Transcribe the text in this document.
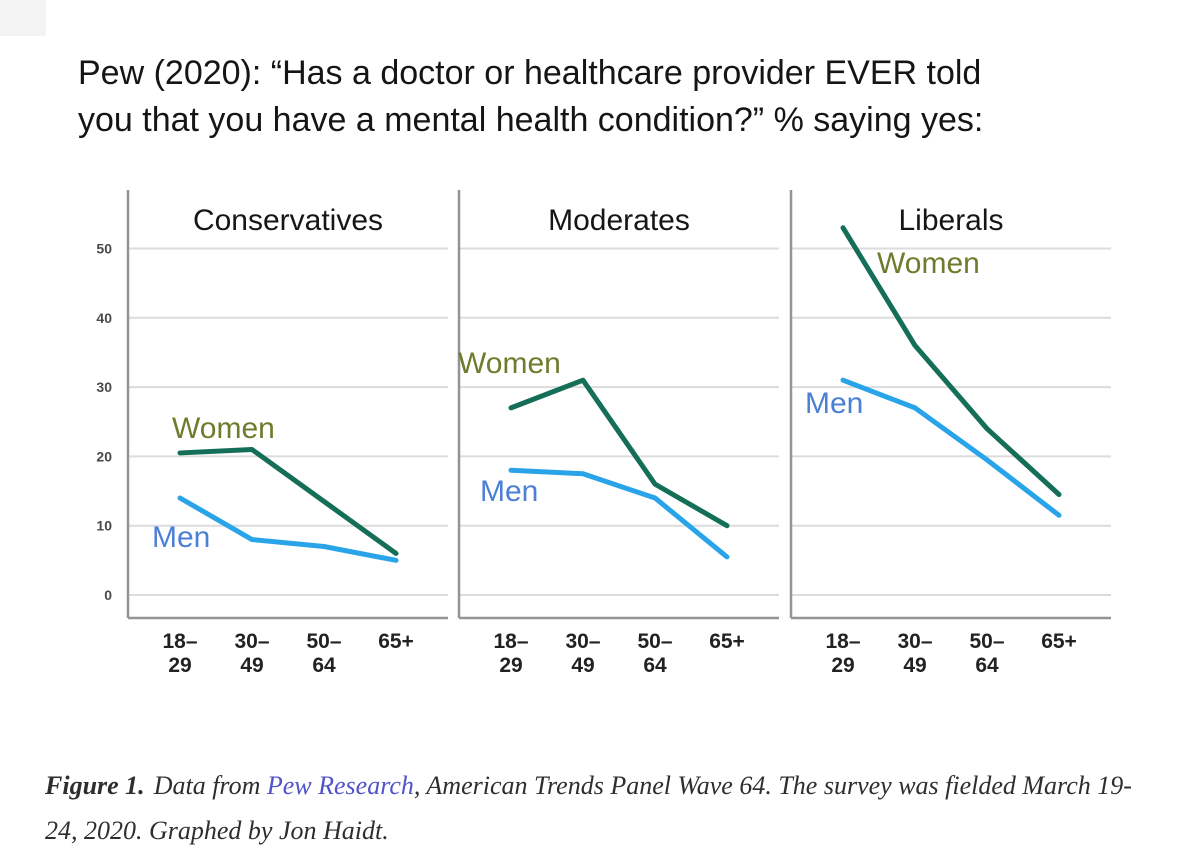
Pew (2020): “Has a doctor or healthcare provider EVER told
you that you have a mental health condition?” % saying yes:
Conservatives
Women
Men
18–
29
30–
49
50–
64
65+
Moderates
Women
Men
18–
29
30–
49
50–
64
65+
Liberals
Women
Men
18–
29
30–
49
50–
64
65+
0
10
20
30
40
50

Figure 1. Data from Pew Research, American Trends Panel Wave 64. The survey was fielded March 19-24, 2020. Graphed by Jon Haidt.
